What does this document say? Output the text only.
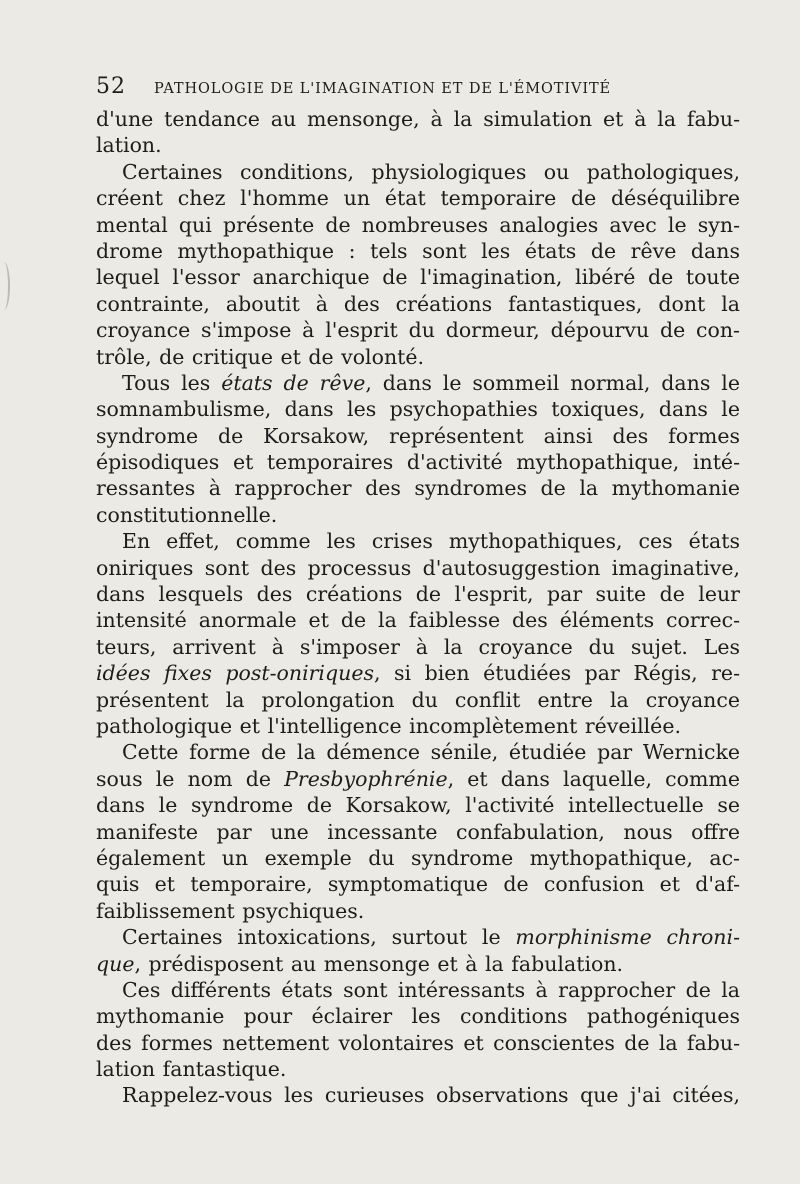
52 PATHOLOGIE DE L'IMAGINATION ET DE L'ÉMOTIVITÉ
d'une tendance au mensonge, à la simulation et à la fabu-
lation.
Certaines conditions, physiologiques ou pathologiques,
créent chez l'homme un état temporaire de déséquilibre
mental qui présente de nombreuses analogies avec le syn-
drome mythopathique : tels sont les états de rêve dans
lequel l'essor anarchique de l'imagination, libéré de toute
contrainte, aboutit à des créations fantastiques, dont la
croyance s'impose à l'esprit du dormeur, dépourvu de con-
trôle, de critique et de volonté.
Tous les états de rêve, dans le sommeil normal, dans le
somnambulisme, dans les psychopathies toxiques, dans le
syndrome de Korsakow, représentent ainsi des formes
épisodiques et temporaires d'activité mythopathique, inté-
ressantes à rapprocher des syndromes de la mythomanie
constitutionnelle.
En effet, comme les crises mythopathiques, ces états
oniriques sont des processus d'autosuggestion imaginative,
dans lesquels des créations de l'esprit, par suite de leur
intensité anormale et de la faiblesse des éléments correc-
teurs, arrivent à s'imposer à la croyance du sujet. Les
idées fixes post-oniriques, si bien étudiées par Régis, re-
présentent la prolongation du conflit entre la croyance
pathologique et l'intelligence incomplètement réveillée.
Cette forme de la démence sénile, étudiée par Wernicke
sous le nom de Presbyophrénie, et dans laquelle, comme
dans le syndrome de Korsakow, l'activité intellectuelle se
manifeste par une incessante confabulation, nous offre
également un exemple du syndrome mythopathique, ac-
quis et temporaire, symptomatique de confusion et d'af-
faiblissement psychiques.
Certaines intoxications, surtout le morphinisme chroni-
que, prédisposent au mensonge et à la fabulation.
Ces différents états sont intéressants à rapprocher de la
mythomanie pour éclairer les conditions pathogéniques
des formes nettement volontaires et conscientes de la fabu-
lation fantastique.
Rappelez-vous les curieuses observations que j'ai citées,
